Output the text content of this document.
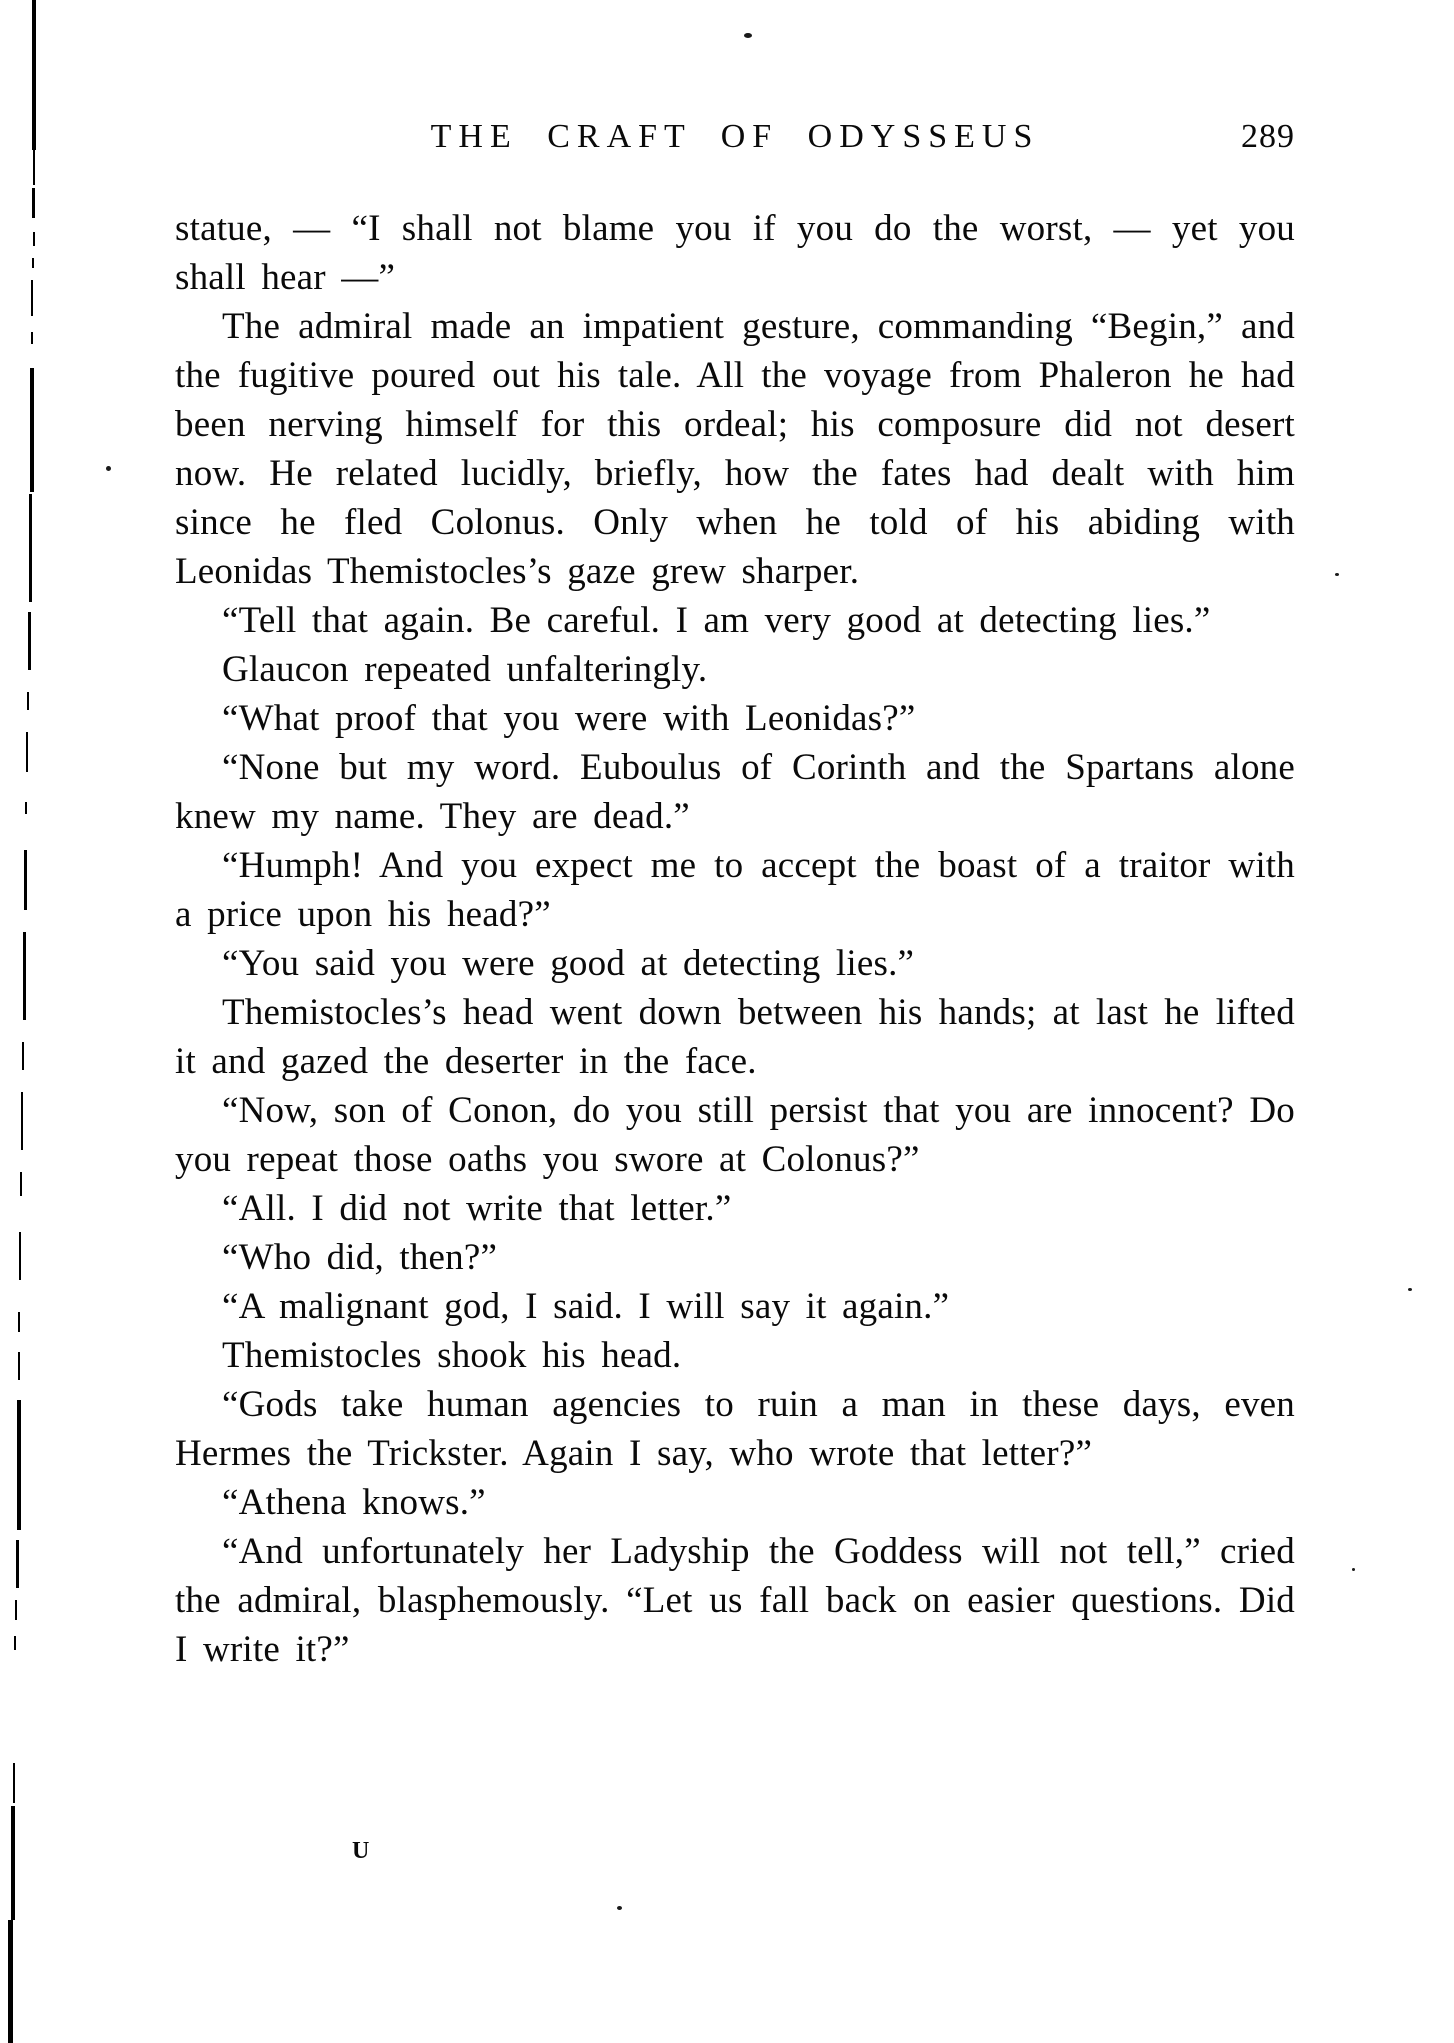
THE CRAFT OF ODYSSEUS	289

statue, — “I shall not blame you if you do the worst, — yet you shall hear —”

The admiral made an impatient gesture, commanding “Begin,” and the fugitive poured out his tale. All the voyage from Phaleron he had been nerving himself for this ordeal; his composure did not desert now. He related lucidly, briefly, how the fates had dealt with him since he fled Colonus. Only when he told of his abiding with Leonidas Themistocles’s gaze grew sharper.

“Tell that again. Be careful. I am very good at detecting lies.”

Glaucon repeated unfalteringly.

“What proof that you were with Leonidas?”

“None but my word. Euboulus of Corinth and the Spartans alone knew my name. They are dead.”

“Humph! And you expect me to accept the boast of a traitor with a price upon his head?”

“You said you were good at detecting lies.”

Themistocles’s head went down between his hands; at last he lifted it and gazed the deserter in the face.

“Now, son of Conon, do you still persist that you are innocent? Do you repeat those oaths you swore at Colonus?”

“All. I did not write that letter.”

“Who did, then?”

“A malignant god, I said. I will say it again.”

Themistocles shook his head.

“Gods take human agencies to ruin a man in these days, even Hermes the Trickster. Again I say, who wrote that letter?”

“Athena knows.”

“And unfortunately her Ladyship the Goddess will not tell,” cried the admiral, blasphemously. “Let us fall back on easier questions. Did I write it?”

U
